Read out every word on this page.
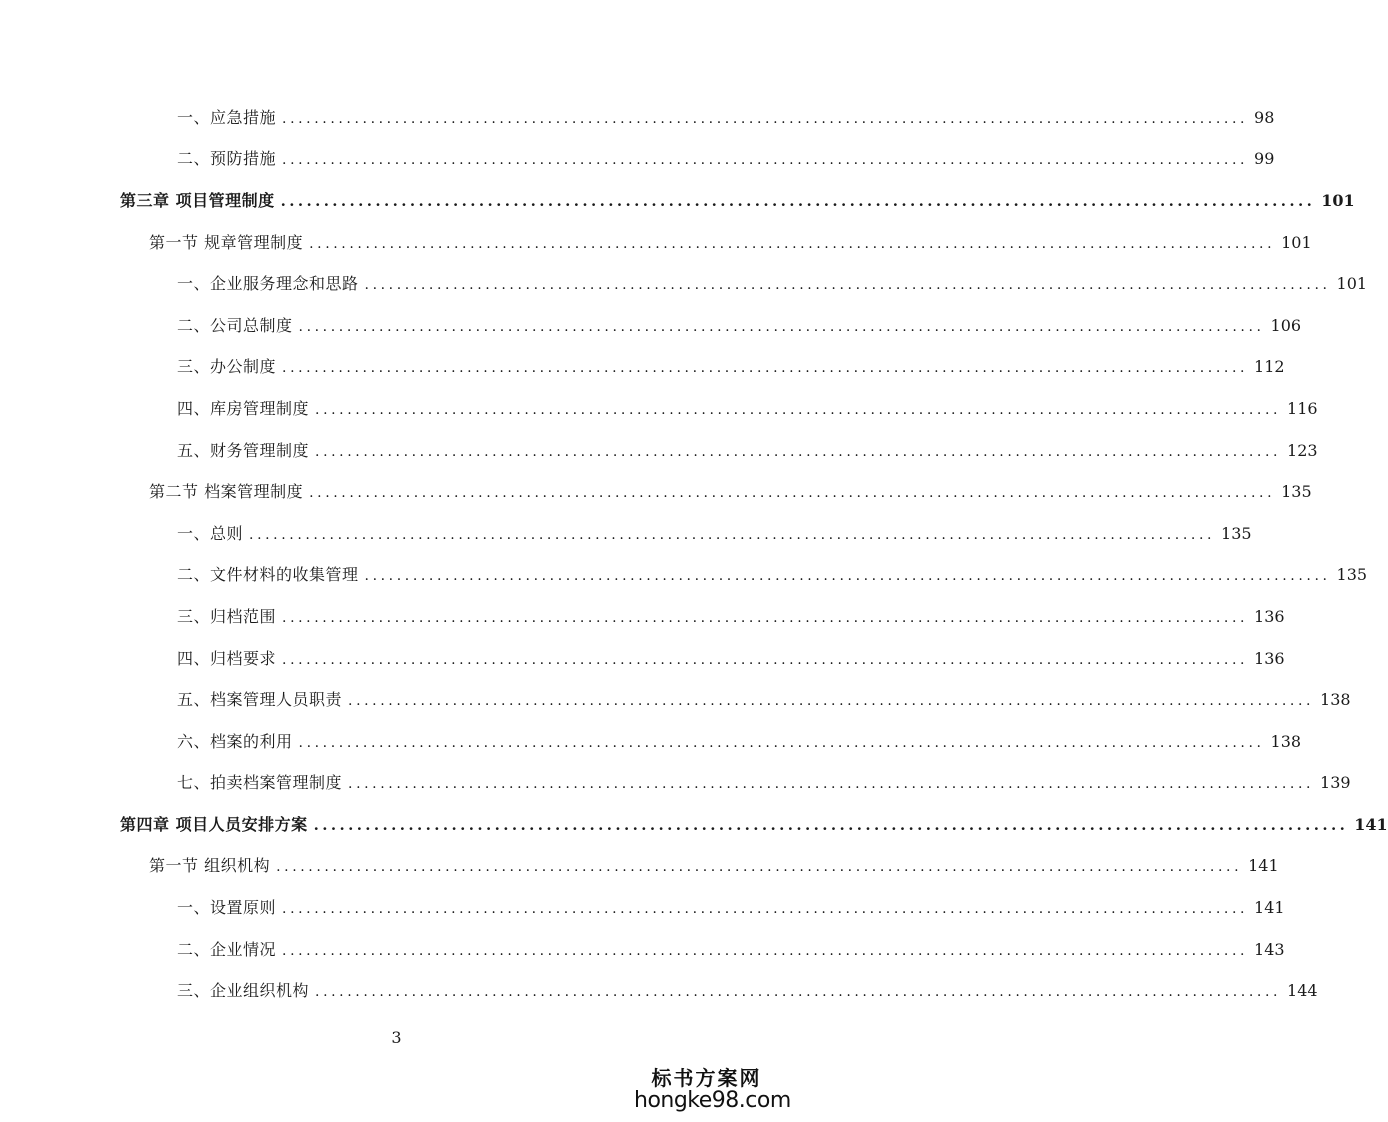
一、应急措施 ........................................................................................................................ 98
二、预防措施 ........................................................................................................................ 99
第三章 项目管理制度 ........................................................................................................................ 101
第一节 规章管理制度 ........................................................................................................................ 101
一、企业服务理念和思路 ........................................................................................................................ 101
二、公司总制度 ........................................................................................................................ 106
三、办公制度 ........................................................................................................................ 112
四、库房管理制度 ........................................................................................................................ 116
五、财务管理制度 ........................................................................................................................ 123
第二节 档案管理制度 ........................................................................................................................ 135
一、总则 ........................................................................................................................ 135
二、文件材料的收集管理 ........................................................................................................................ 135
三、归档范围 ........................................................................................................................ 136
四、归档要求 ........................................................................................................................ 136
五、档案管理人员职责 ........................................................................................................................ 138
六、档案的利用 ........................................................................................................................ 138
七、拍卖档案管理制度 ........................................................................................................................ 139
第四章 项目人员安排方案 ........................................................................................................................ 141
第一节 组织机构 ........................................................................................................................ 141
一、设置原则 ........................................................................................................................ 141
二、企业情况 ........................................................................................................................ 143
三、企业组织机构 ........................................................................................................................ 144
3
标书方案网
hongke98.com
